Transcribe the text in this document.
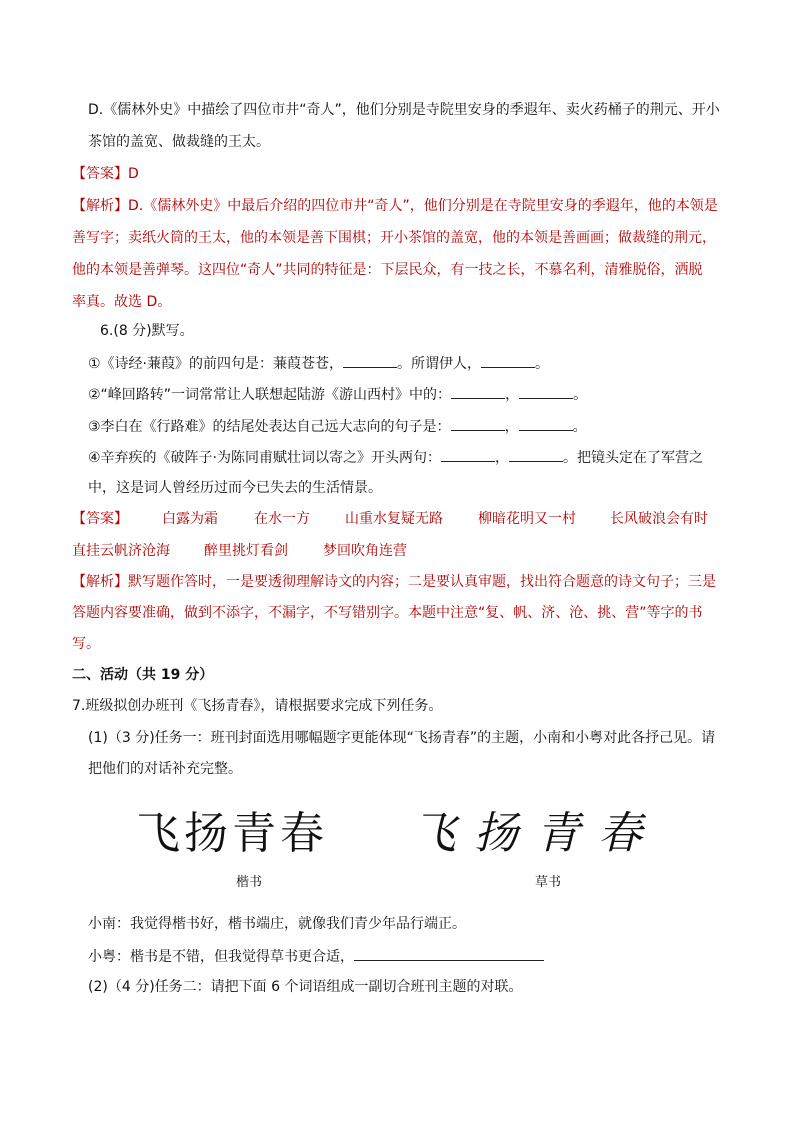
D.《儒林外史》中描绘了四位市井“奇人”，他们分别是寺院里安身的季遐年、卖火药桶子的荆元、开小
茶馆的盖宽、做裁缝的王太。
【答案】D
【解析】D.《儒林外史》中最后介绍的四位市井“奇人”，他们分别是在寺院里安身的季遐年，他的本领是
善写字；卖纸火筒的王太，他的本领是善下围棋；开小茶馆的盖宽，他的本领是善画画；做裁缝的荆元，
他的本领是善弹琴。这四位“奇人”共同的特征是：下层民众，有一技之长，不慕名利，清雅脱俗，洒脱
率真。故选 D。
6.(8 分)默写。
①《诗经·蒹葭》的前四句是：蒹葭苍苍，	。所谓伊人，	。
②“峰回路转”一词常常让人联想起陆游《游山西村》中的：	，	。
③李白在《行路难》的结尾处表达自己远大志向的句子是：	，	。
④辛弃疾的《破阵子·为陈同甫赋壮词以寄之》开头两句：	，	。把镜头定在了军营之
中，这是词人曾经历过而今已失去的生活情景。
【答案】 白露为霜	在水一方	山重水复疑无路	柳暗花明又一村 长风破浪会有时
直挂云帆济沧海 醉里挑灯看剑	梦回吹角连营
【解析】默写题作答时，一是要透彻理解诗文的内容；二是要认真审题，找出符合题意的诗文句子；三是
答题内容要准确，做到不添字，不漏字，不写错别字。本题中注意“复、帆、济、沧、挑、营”等字的书
写。
二、活动（共 19 分）
7.班级拟创办班刊《飞扬青春》，请根据要求完成下列任务。
(1)（3 分)任务一：班刊封面选用哪幅题字更能体现“飞扬青春”的主题，小南和小粤对此各抒己见。请
把他们的对话补充完整。
飞扬青春 飞扬青春
楷书	草书
小南：我觉得楷书好，楷书端庄，就像我们青少年品行端正。
小粤：楷书是不错，但我觉得草书更合适，
(2)（4 分)任务二：请把下面 6 个词语组成一副切合班刊主题的对联。
